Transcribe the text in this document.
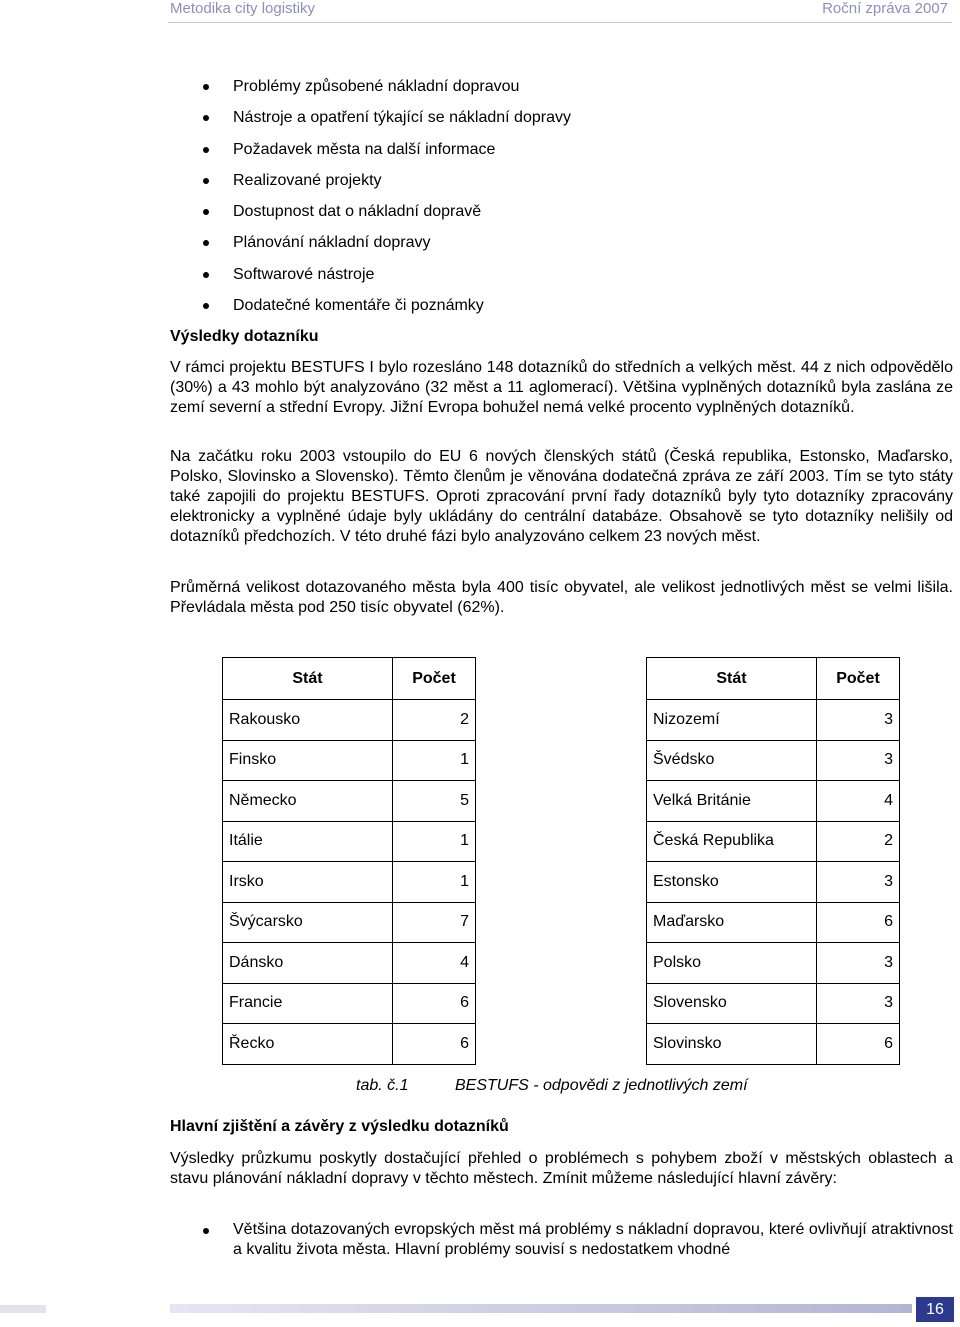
Metodika city logistiky	Roční zpráva 2007
Problémy způsobené nákladní dopravou
Nástroje a opatření týkající se nákladní dopravy
Požadavek města na další informace
Realizované projekty
Dostupnost dat o nákladní dopravě
Plánování nákladní dopravy
Softwarové nástroje
Dodatečné komentáře či poznámky
Výsledky dotazníku

V rámci projektu BESTUFS I bylo rozesláno 148 dotazníků do středních a velkých měst. 44 z nich odpovědělo (30%) a 43 mohlo být analyzováno (32 měst a 11 aglomerací). Většina vyplněných dotazníků byla zaslána ze zemí severní a střední Evropy. Jižní Evropa bohužel nemá velké procento vyplněných dotazníků.

Na začátku roku 2003 vstoupilo do EU 6 nových členských států (Česká republika, Estonsko, Maďarsko, Polsko, Slovinsko a Slovensko). Těmto členům je věnována dodatečná zpráva ze září 2003. Tím se tyto státy také zapojili do projektu BESTUFS. Oproti zpracování první řady dotazníků byly tyto dotazníky zpracovány elektronicky a vyplněné údaje byly ukládány do centrální databáze. Obsahově se tyto dotazníky nelišily od dotazníků předchozích. V této druhé fázi bylo analyzováno celkem 23 nových měst.

Průměrná velikost dotazovaného města byla 400 tisíc obyvatel, ale velikost jednotlivých měst se velmi lišila. Převládala města pod 250 tisíc obyvatel (62%).

Stát	Počet
Rakousko	2
Finsko	1
Německo	5
Itálie	1
Irsko	1
Švýcarsko	7
Dánsko	4
Francie	6
Řecko	6
Stát	Počet
Nizozemí	3
Švédsko	3
Velká Británie	4
Česká Republika	2
Estonsko	3
Maďarsko	6
Polsko	3
Slovensko	3
Slovinsko	6
tab. č.1	BESTUFS - odpovědi z jednotlivých zemí
Hlavní zjištění a závěry z výsledku dotazníků

Výsledky průzkumu poskytly dostačující přehled o problémech s pohybem zboží v městských oblastech a stavu plánování nákladní dopravy v těchto městech. Zmínit můžeme následující hlavní závěry:

Většina dotazovaných evropských měst má problémy s nákladní dopravou, které ovlivňují atraktivnost a kvalitu života města. Hlavní problémy souvisí s nedostatkem vhodné
16
